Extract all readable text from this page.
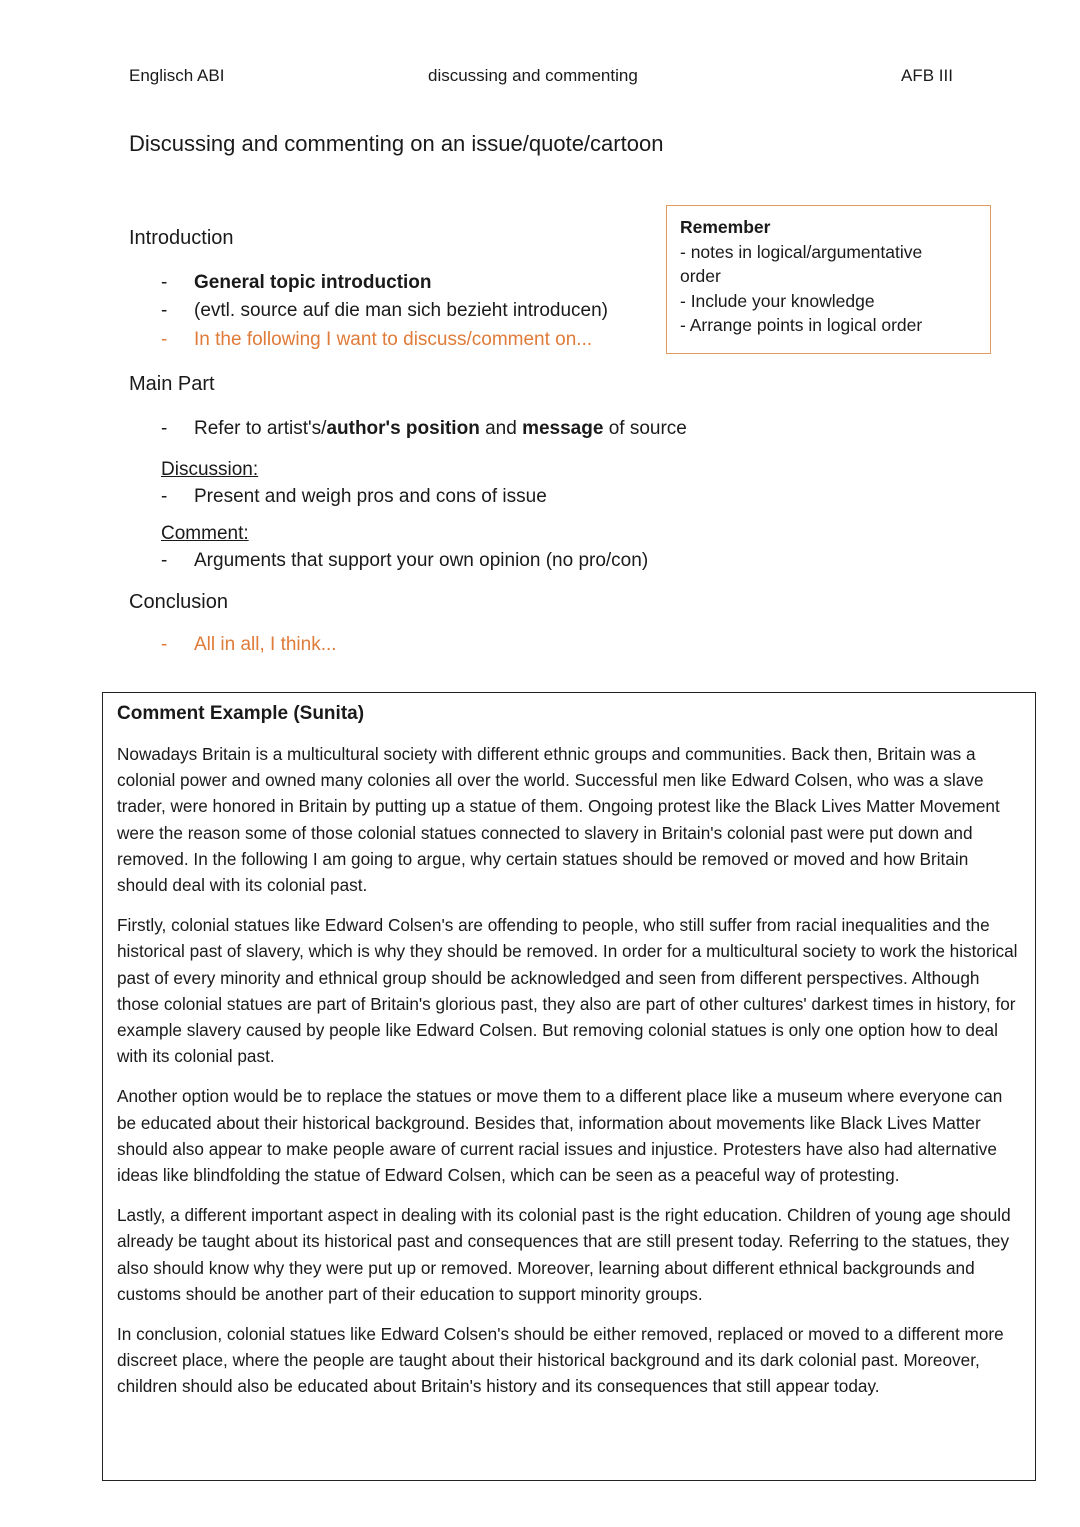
Englisch ABI	discussing and commenting	AFB III
Discussing and commenting on an issue/quote/cartoon
Remember
- notes in logical/argumentative
order
- Include your knowledge
- Arrange points in logical order
Introduction
- General topic introduction
- (evtl. source auf die man sich bezieht introducen)
- In the following I want to discuss/comment on...
Main Part
- Refer to artist's/author's position and message of source
Discussion:
- Present and weigh pros and cons of issue
Comment:
- Arguments that support your own opinion (no pro/con)
Conclusion
- All in all, I think...
Comment Example (Sunita)

Nowadays Britain is a multicultural society with different ethnic groups and communities. Back then, Britain was a colonial power and owned many colonies all over the world. Successful men like Edward Colsen, who was a slave trader, were honored in Britain by putting up a statue of them. Ongoing protest like the Black Lives Matter Movement were the reason some of those colonial statues connected to slavery in Britain's colonial past were put down and removed. In the following I am going to argue, why certain statues should be removed or moved and how Britain should deal with its colonial past.

Firstly, colonial statues like Edward Colsen's are offending to people, who still suffer from racial inequalities and the historical past of slavery, which is why they should be removed. In order for a multicultural society to work the historical past of every minority and ethnical group should be acknowledged and seen from different perspectives. Although those colonial statues are part of Britain's glorious past, they also are part of other cultures' darkest times in history, for example slavery caused by people like Edward Colsen. But removing colonial statues is only one option how to deal with its colonial past.

Another option would be to replace the statues or move them to a different place like a museum where everyone can be educated about their historical background. Besides that, information about movements like Black Lives Matter should also appear to make people aware of current racial issues and injustice. Protesters have also had alternative ideas like blindfolding the statue of Edward Colsen, which can be seen as a peaceful way of protesting.

Lastly, a different important aspect in dealing with its colonial past is the right education. Children of young age should already be taught about its historical past and consequences that are still present today. Referring to the statues, they also should know why they were put up or removed. Moreover, learning about different ethnical backgrounds and customs should be another part of their education to support minority groups.

In conclusion, colonial statues like Edward Colsen's should be either removed, replaced or moved to a different more discreet place, where the people are taught about their historical background and its dark colonial past. Moreover, children should also be educated about Britain's history and its consequences that still appear today.
